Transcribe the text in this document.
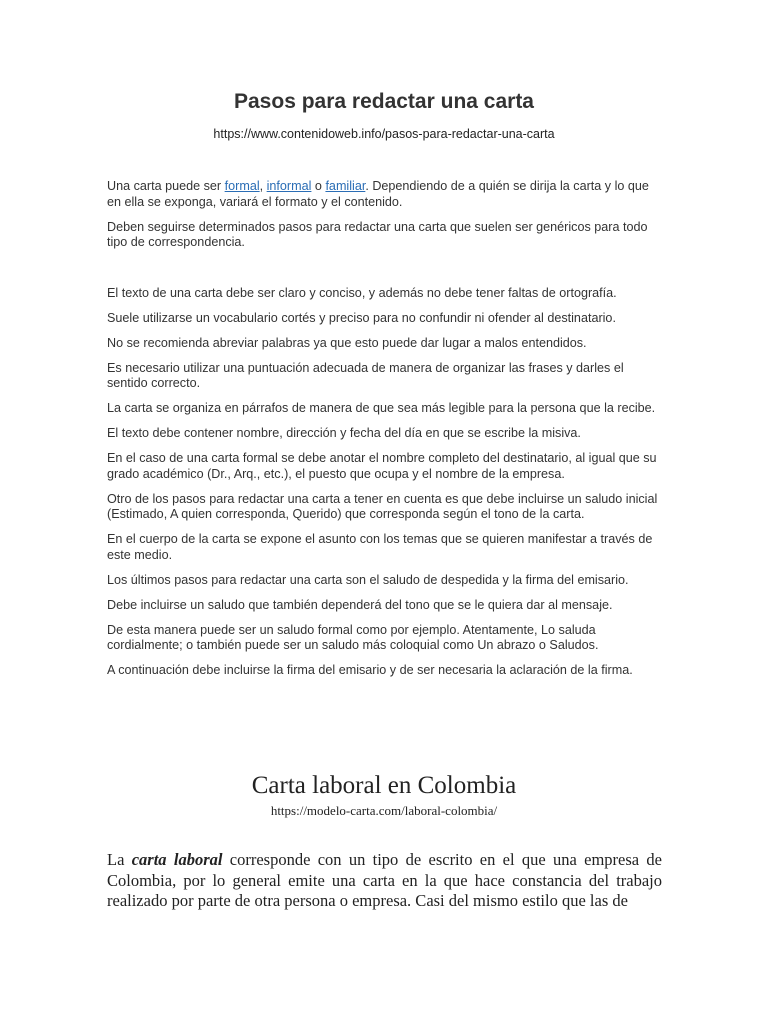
Pasos para redactar una carta
https://www.contenidoweb.info/pasos-para-redactar-una-carta

Una carta puede ser formal, informal o familiar. Dependiendo de a quién se dirija la carta y lo que en ella se exponga, variará el formato y el contenido.

Deben seguirse determinados pasos para redactar una carta que suelen ser genéricos para todo tipo de correspondencia.

El texto de una carta debe ser claro y conciso, y además no debe tener faltas de ortografía.

Suele utilizarse un vocabulario cortés y preciso para no confundir ni ofender al destinatario.

No se recomienda abreviar palabras ya que esto puede dar lugar a malos entendidos.

Es necesario utilizar una puntuación adecuada de manera de organizar las frases y darles el sentido correcto.

La carta se organiza en párrafos de manera de que sea más legible para la persona que la recibe.

El texto debe contener nombre, dirección y fecha del día en que se escribe la misiva.

En el caso de una carta formal se debe anotar el nombre completo del destinatario, al igual que su grado académico (Dr., Arq., etc.), el puesto que ocupa y el nombre de la empresa.

Otro de los pasos para redactar una carta a tener en cuenta es que debe incluirse un saludo inicial (Estimado, A quien corresponda, Querido) que corresponda según el tono de la carta.

En el cuerpo de la carta se expone el asunto con los temas que se quieren manifestar a través de este medio.

Los últimos pasos para redactar una carta son el saludo de despedida y la firma del emisario.

Debe incluirse un saludo que también dependerá del tono que se le quiera dar al mensaje.

De esta manera puede ser un saludo formal como por ejemplo. Atentamente, Lo saluda cordialmente; o también puede ser un saludo más coloquial como Un abrazo o Saludos.

A continuación debe incluirse la firma del emisario y de ser necesaria la aclaración de la firma.

Carta laboral en Colombia
https://modelo-carta.com/laboral-colombia/

La carta laboral corresponde con un tipo de escrito en el que una empresa de Colombia, por lo general emite una carta en la que hace constancia del trabajo realizado por parte de otra persona o empresa. Casi del mismo estilo que las de
